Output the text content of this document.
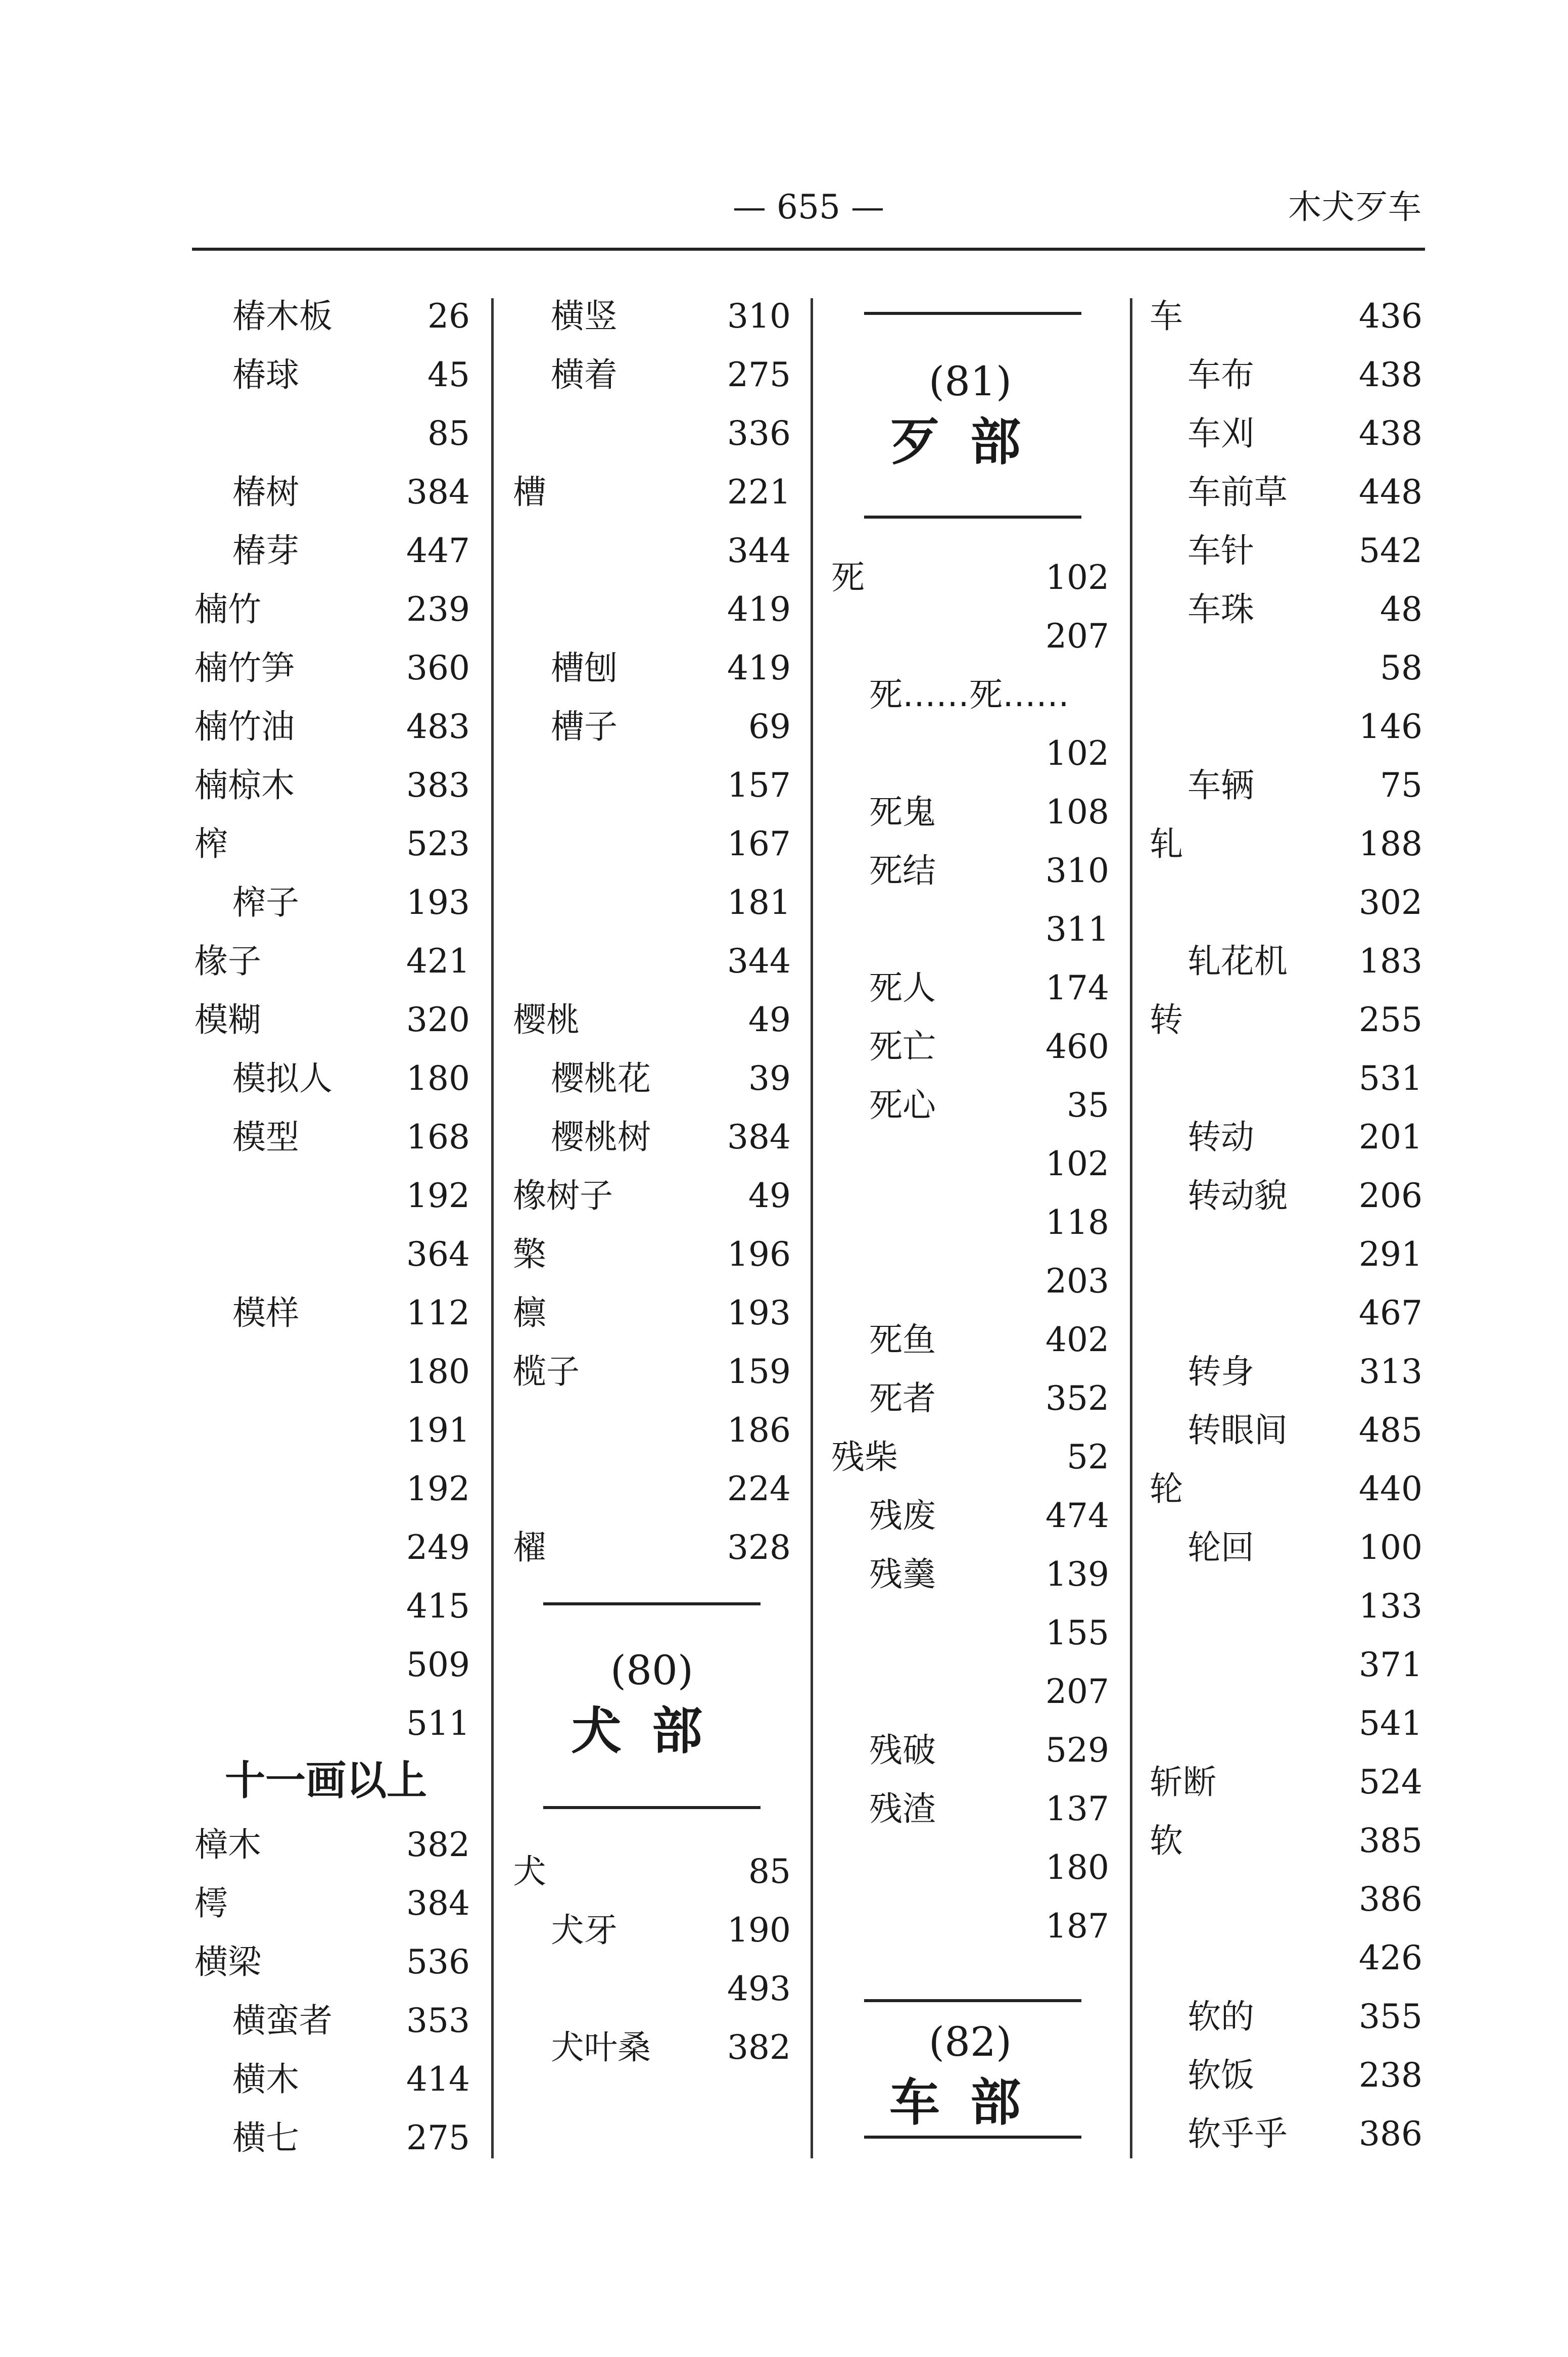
— 655 —	木犬歹车
椿木板	26
椿球	45
85
椿树	384
椿芽	447
楠竹	239
楠竹笋	360
楠竹油	483
楠椋木	383
榨	523
榨子	193
椽子	421
模糊	320
模拟人 180
模型	168
192
364
模样	112
180
191
192
249
415
509
511
十一画以上
樟木	382
樗	384
横梁	536
横蛮者 353
横木	414
横七	275
横竖	310
横着	275
336
槽	221
344
419
槽刨	419
槽子	69
157
167
181
344
樱桃	49
樱桃花	39
樱桃树 384
橡树子	49
檠	196
檩	193
榄子	159
186
224
櫂	328
(80)
犬部
犬	85
犬牙	190
493
犬叶桑 382
(81)
歹部
死	102
207
死……死……
102
死鬼	108
死结	310
311
死人	174
死亡	460
死心	35
102
118
203
死鱼	402
死者	352
残柴	52
残废	474
残羹	139
155
207
残破	529
残渣	137
180
187
(82)
车部
车	436
车布	438
车刈	438
车前草 448
车针	542
车珠	48
58
146
车辆	75
轧	188
302
轧花机 183
转	255
531
转动	201
转动貌 206
291
467
转身	313
转眼间 485
轮	440
轮回	100
133
371
541
斩断	524
软	385
386
426
软的	355
软饭	238
软乎乎 386
